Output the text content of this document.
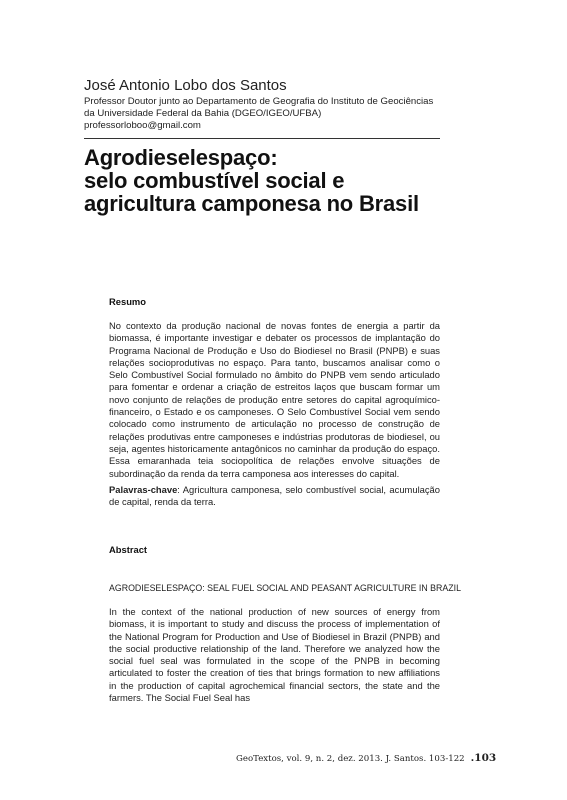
José Antonio Lobo dos Santos
Professor Doutor junto ao Departamento de Geografia do Instituto de Geociências
da Universidade Federal da Bahia (DGEO/IGEO/UFBA)
professorloboo@gmail.com
Agrodieselespaço:
selo combustível social e
agricultura camponesa no Brasil
Resumo

No contexto da produção nacional de novas fontes de energia a partir da biomassa, é importante investigar e debater os processos de implantação do Programa Nacional de Produção e Uso do Biodiesel no Brasil (PNPB) e suas relações socioprodutivas no espaço. Para tanto, buscamos analisar como o Selo Combustível Social formulado no âmbito do PNPB vem sendo articulado para fomentar e ordenar a criação de estreitos laços que buscam formar um novo conjunto de relações de produção entre setores do capital agroquímico-financeiro, o Estado e os camponeses. O Selo Combustível Social vem sendo colocado como instrumento de articulação no processo de construção de relações produtivas entre camponeses e indústrias produtoras de biodiesel, ou seja, agentes historicamente antagônicos no caminhar da produção do espaço. Essa emaranhada teia sociopolítica de relações envolve situações de subordinação da renda da terra camponesa aos interesses do capital.

Palavras-chave: Agricultura camponesa, selo combustível social, acumulação de capital, renda da terra.

Abstract
AGRODIESELESPAÇO: SEAL FUEL SOCIAL AND PEASANT AGRICULTURE IN BRAZIL

In the context of the national production of new sources of energy from biomass, it is important to study and discuss the process of implementation of the National Program for Production and Use of Biodiesel in Brazil (PNPB) and the social productive relationship of the land. Therefore we analyzed how the social fuel seal was formulated in the scope of the PNPB in becoming articulated to foster the creation of ties that brings formation to new affiliations in the production of capital agrochemical financial sectors, the state and the farmers. The Social Fuel Seal has

GeoTextos, vol. 9, n. 2, dez. 2013. J. Santos. 103-122 .103
